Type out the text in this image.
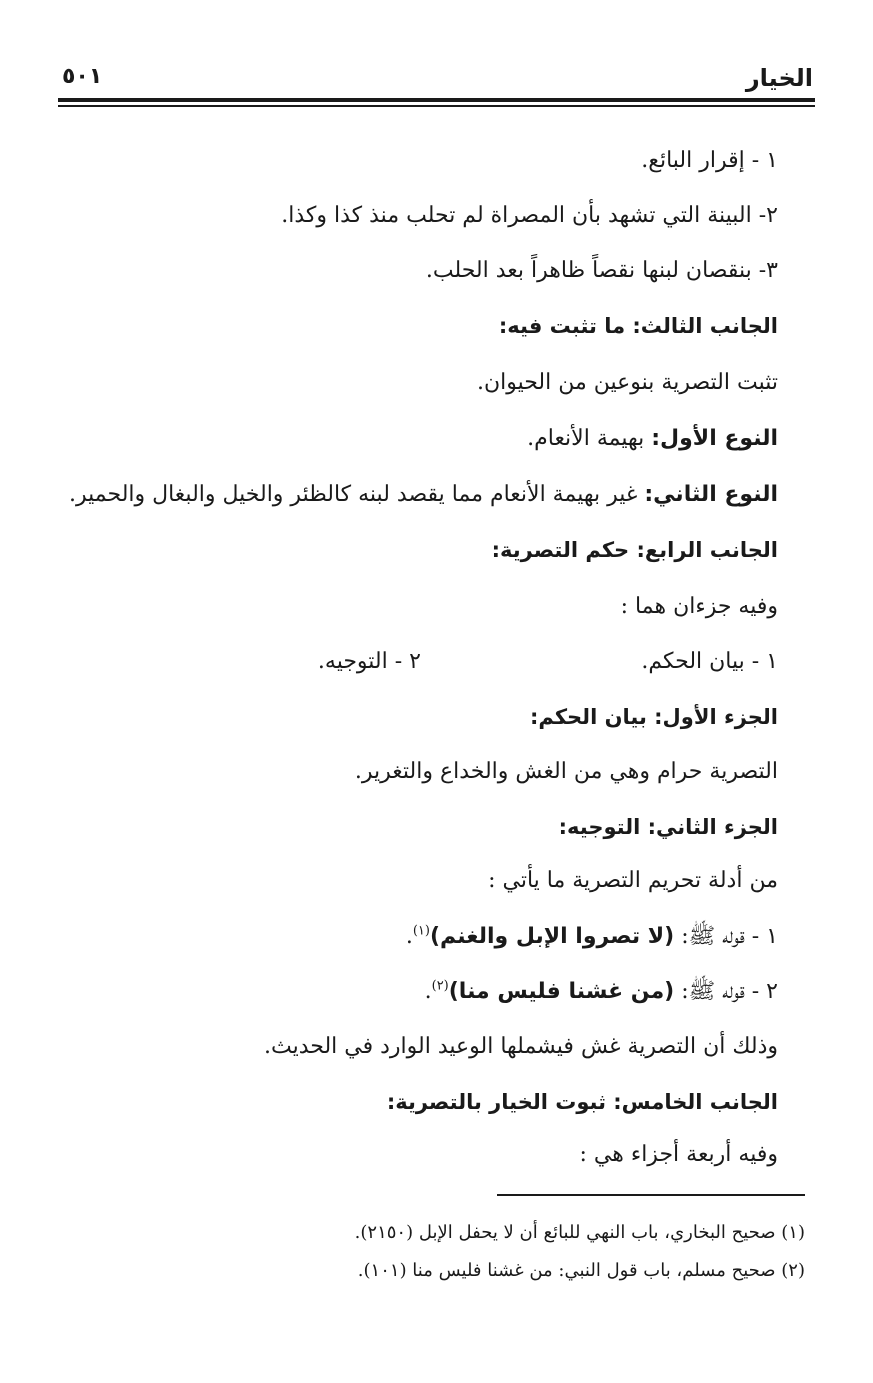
الخيار
٥٠١
١ - إقرار البائع.
٢- البينة التي تشهد بأن المصراة لم تحلب منذ كذا وكذا.
٣- بنقصان لبنها نقصاً ظاهراً بعد الحلب.
الجانب الثالث: ما تثبت فيه:
تثبت التصرية بنوعين من الحيوان.
النوع الأول: بهيمة الأنعام.
النوع الثاني: غير بهيمة الأنعام مما يقصد لبنه كالظئر والخيل والبغال والحمير.
الجانب الرابع: حكم التصرية:
وفيه جزءان هما :
١ - بيان الحكم.
٢ - التوجيه.
الجزء الأول: بيان الحكم:
التصرية حرام وهي من الغش والخداع والتغرير.
الجزء الثاني: التوجيه:
من أدلة تحريم التصرية ما يأتي :
١ - قوله ﷺ: (لا تصروا الإبل والغنم)$^{(١)}$.
٢ - قوله ﷺ: (من غشنا فليس منا)$^{(٢)}$.
وذلك أن التصرية غش فيشملها الوعيد الوارد في الحديث.
الجانب الخامس: ثبوت الخيار بالتصرية:
وفيه أربعة أجزاء هي :
(١) صحيح البخاري، باب النهي للبائع أن لا يحفل الإبل (٢١٥٠).
(٢) صحيح مسلم، باب قول النبي: من غشنا فليس منا (١٠١).
